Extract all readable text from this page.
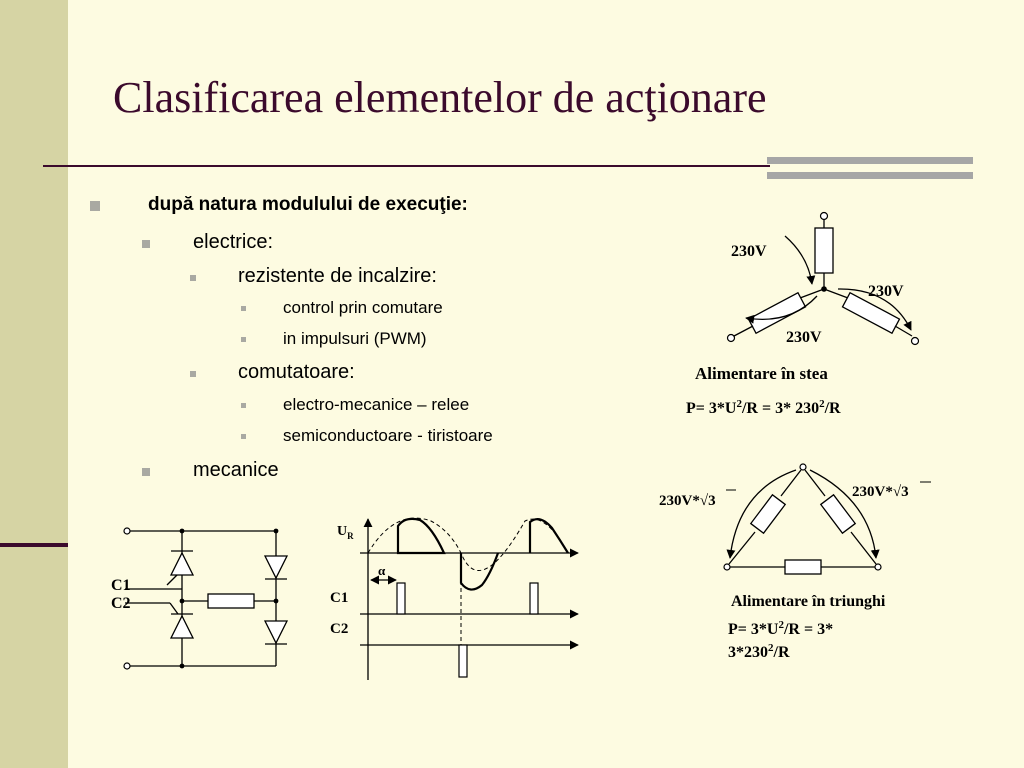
Clasificarea elementelor de acţionare
după natura modulului de execuţie:
electrice:
rezistente de incalzire:
control prin comutare
in impulsuri (PWM)
comutatoare:
electro-mecanice – relee
semiconductoare - tiristoare
mecanice
230V
230V
230V
Alimentare în stea
$P= 3*U^2/R = 3*$ $230^2/R$
230V*√3
230V*√3
Alimentare în triunghi
$P= 3*U^2/R = 3*$
$3*230^2/R$
C1
C2
$U_R$
α
C1
C2
